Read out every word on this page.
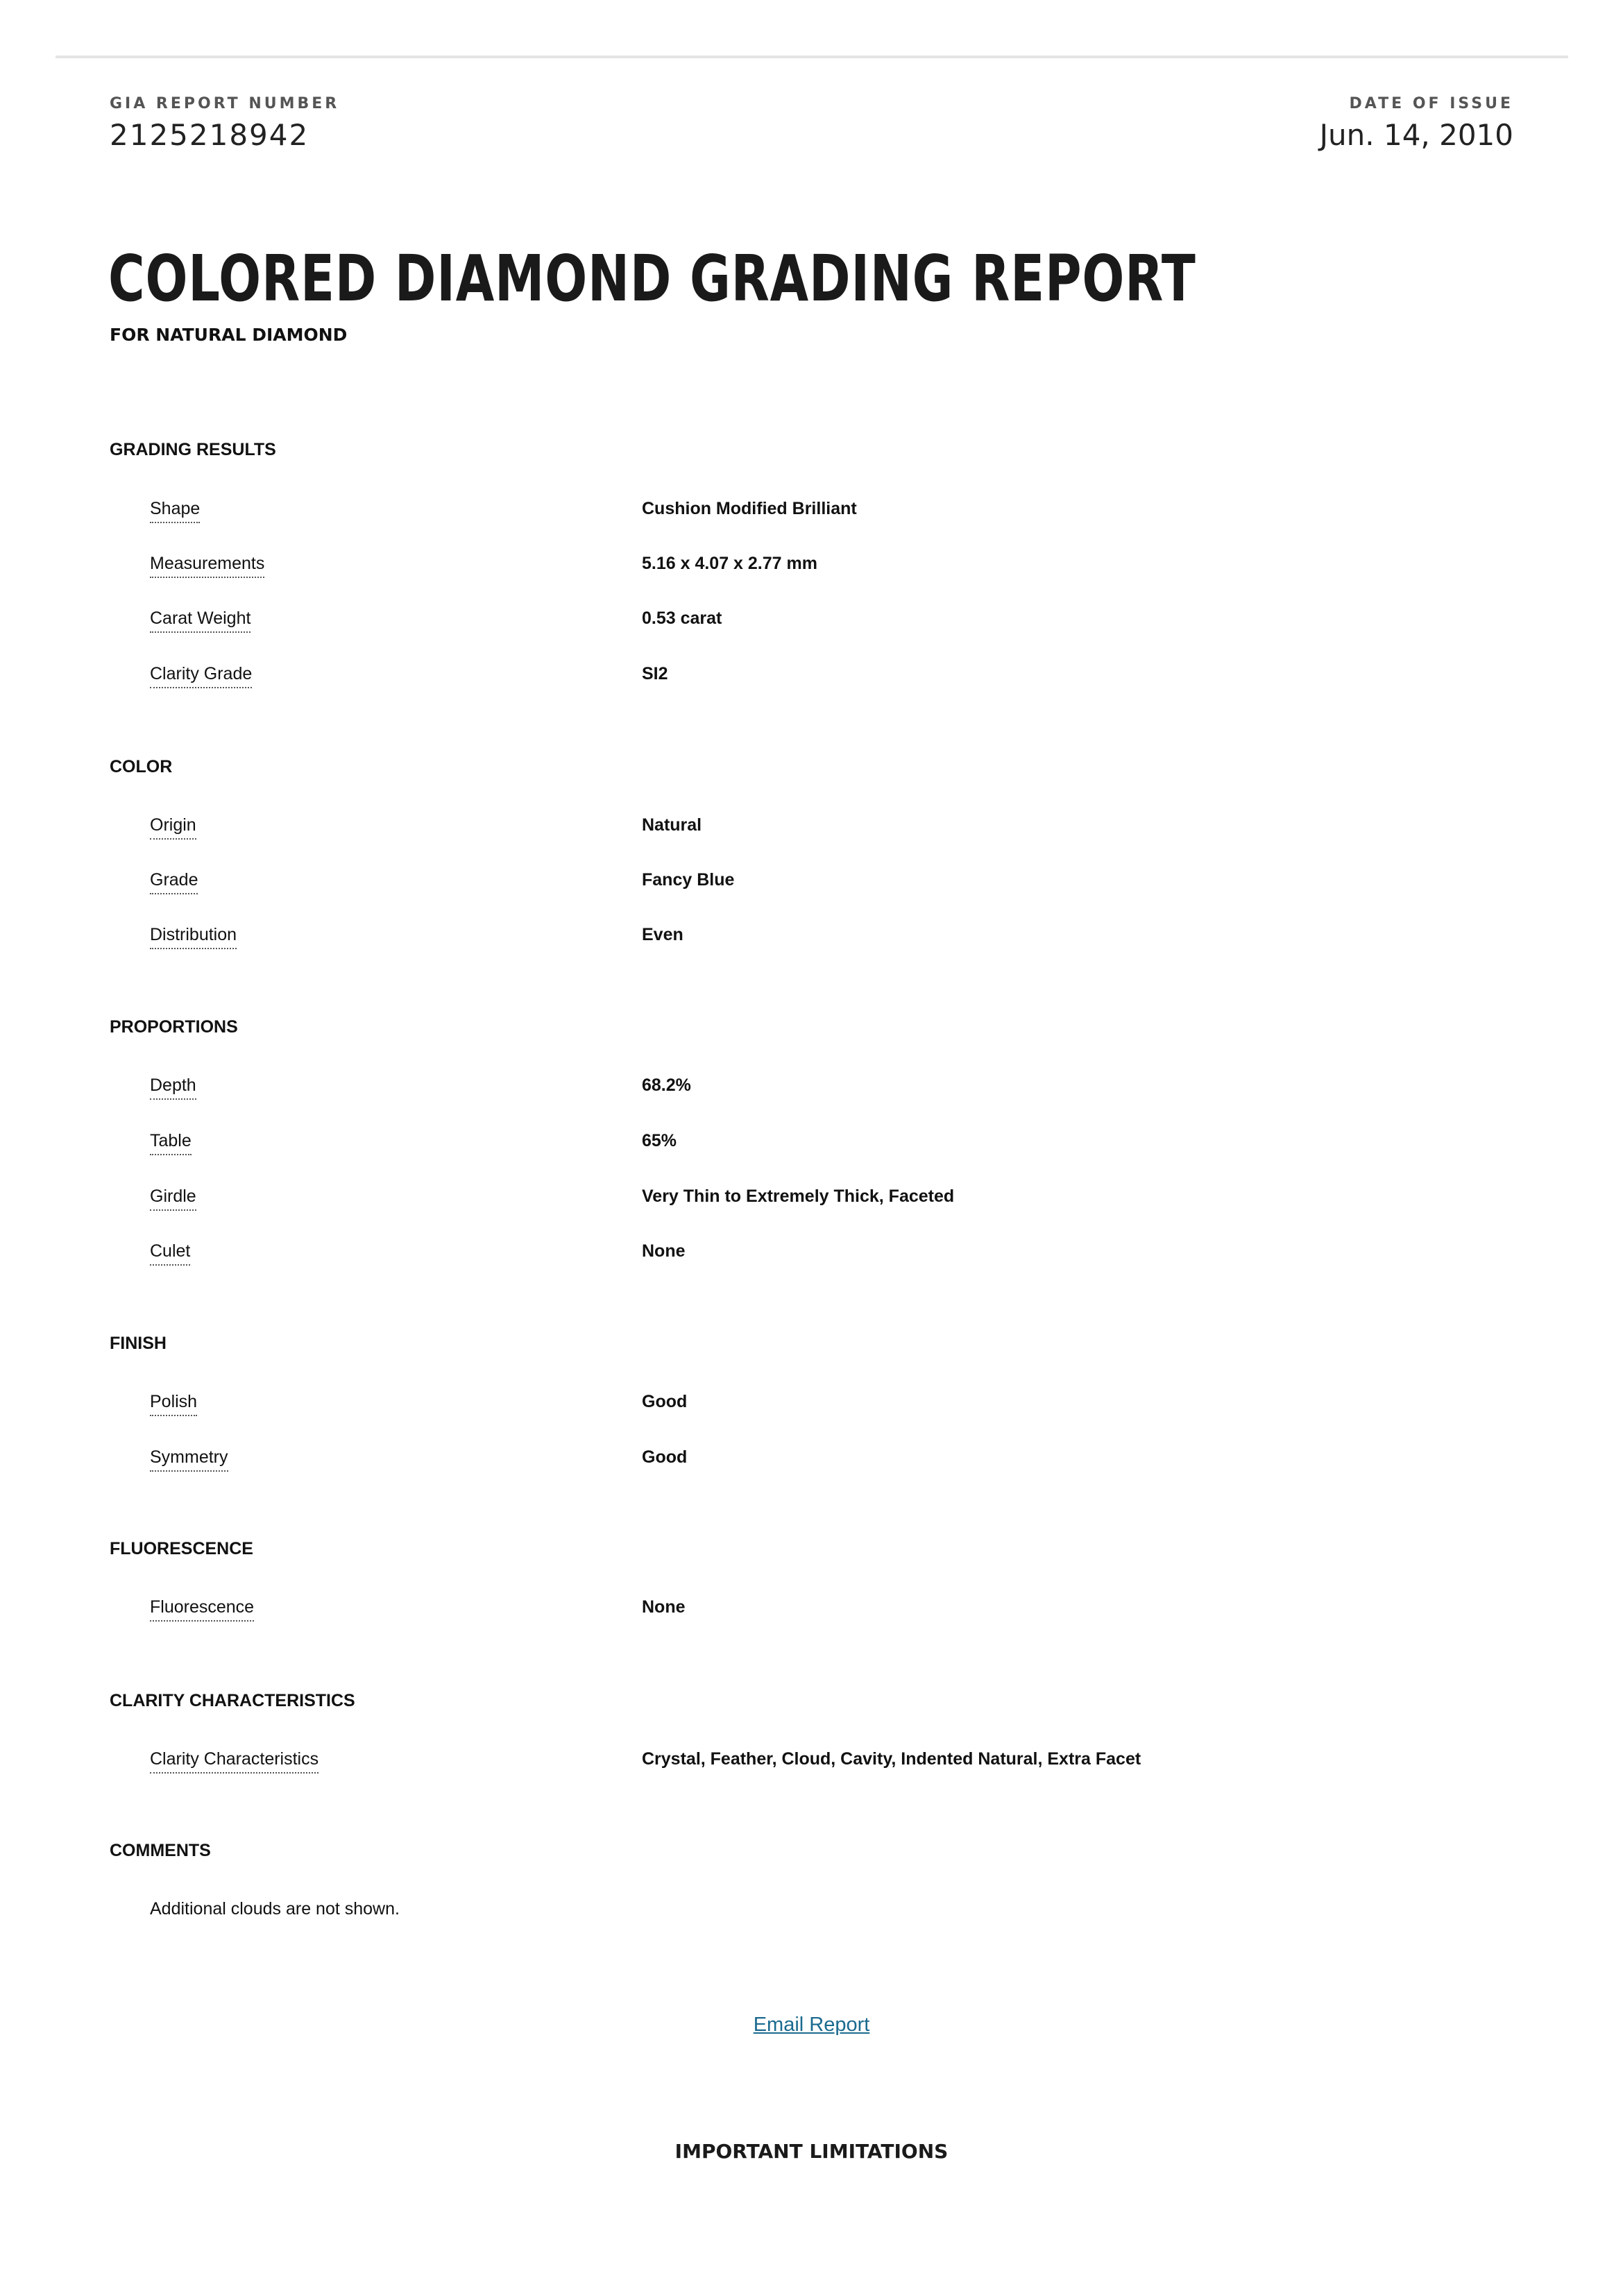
GIA REPORT NUMBER
2125218942
DATE OF ISSUE
Jun. 14, 2010
COLORED DIAMOND GRADING REPORT
FOR NATURAL DIAMOND
GRADING RESULTS
Shape	Cushion Modified Brilliant
Measurements	5.16 x 4.07 x 2.77 mm
Carat Weight	0.53 carat
Clarity Grade	SI2
COLOR
Origin	Natural
Grade	Fancy Blue
Distribution	Even
PROPORTIONS
Depth	68.2%
Table	65%
Girdle	Very Thin to Extremely Thick, Faceted
Culet	None
FINISH
Polish	Good
Symmetry	Good
FLUORESCENCE
Fluorescence	None
CLARITY CHARACTERISTICS
Clarity Characteristics	Crystal, Feather, Cloud, Cavity, Indented Natural, Extra Facet
COMMENTS
Additional clouds are not shown.
Email Report
IMPORTANT LIMITATIONS
